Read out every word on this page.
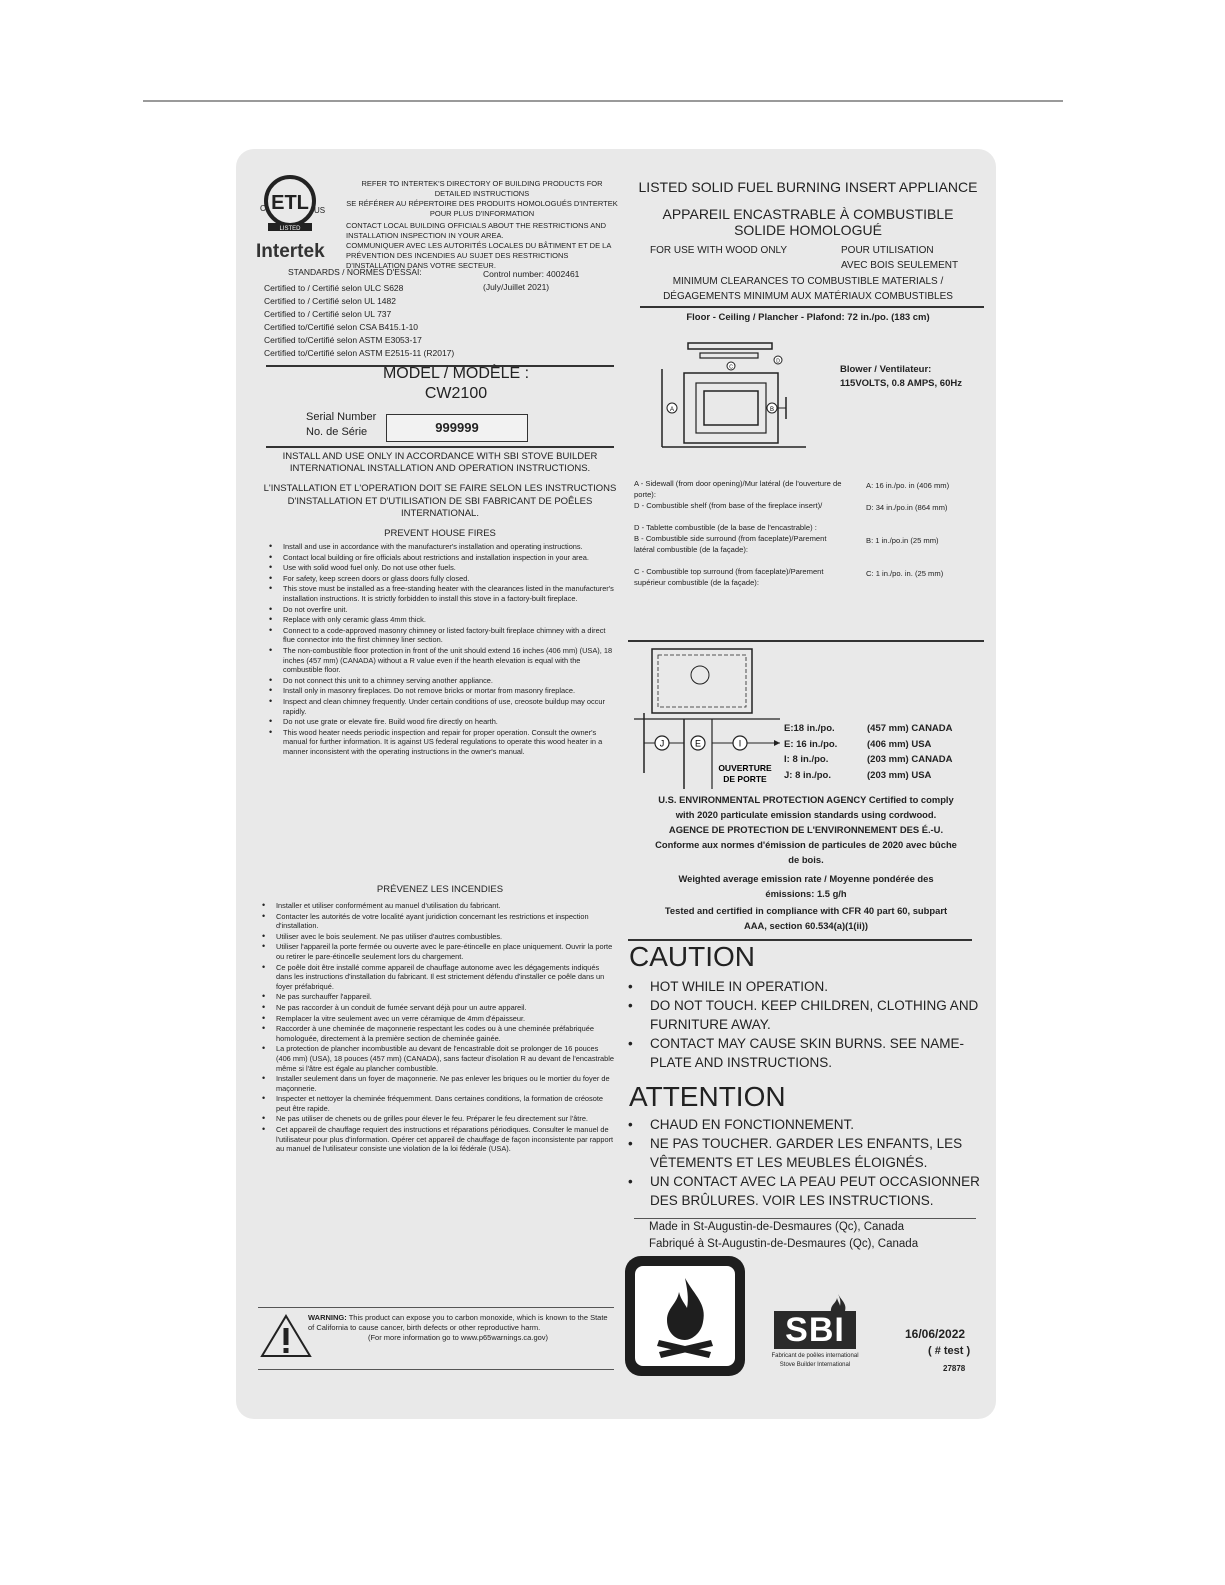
ETL
C	US
LISTED
Intertek
REFER TO INTERTEK'S DIRECTORY OF BUILDING PRODUCTS FOR DETAILED INSTRUCTIONS
SE RÉFÉRER AU RÉPERTOIRE DES PRODUITS HOMOLOGUÉS D'INTERTEK POUR PLUS D'INFORMATION
CONTACT LOCAL BUILDING OFFICIALS ABOUT THE RESTRICTIONS AND INSTALLATION INSPECTION IN YOUR AREA.
COMMUNIQUER AVEC LES AUTORITÉS LOCALES DU BÂTIMENT ET DE LA PRÉVENTION DES INCENDIES AU SUJET DES RESTRICTIONS D'INSTALLATION DANS VOTRE SECTEUR.
STANDARDS / NORMES D'ESSAI:	Control number: 4002461
(July/Juillet 2021)
Certified to / Certifié selon ULC S628
Certified to / Certifié selon UL 1482
Certified to / Certifié selon UL 737
Certified to/Certifié selon CSA B415.1-10
Certified to/Certifié selon ASTM E3053-17
Certified to/Certifié selon ASTM E2515-11 (R2017)
MODEL / MODÈLE :
CW2100
Serial Number
No. de Série	999999
INSTALL AND USE ONLY IN ACCORDANCE WITH SBI STOVE BUILDER INTERNATIONAL INSTALLATION AND OPERATION INSTRUCTIONS.
L'INSTALLATION ET L'OPERATION DOIT SE FAIRE SELON LES INSTRUCTIONS D'INSTALLATION ET D'UTILISATION DE SBI FABRICANT DE POÊLES INTERNATIONAL.
PREVENT HOUSE FIRES
• Install and use in accordance with the manufacturer's installation and operating instructions.
• Contact local building or fire officials about restrictions and installation inspection in your area.
• Use with solid wood fuel only. Do not use other fuels.
• For safety, keep screen doors or glass doors fully closed.
• This stove must be installed as a free-standing heater with the clearances listed in the manufacturer's installation instructions. It is strictly forbidden to install this stove in a factory-built fireplace.
• Do not overfire unit.
• Replace with only ceramic glass 4mm thick.
• Connect to a code-approved masonry chimney or listed factory-built fireplace chimney with a direct flue connector into the first chimney liner section.
• The non-combustible floor protection in front of the unit should extend 16 inches (406 mm) (USA), 18 inches (457 mm) (CANADA) without a R value even if the hearth elevation is equal with the combustible floor.
• Do not connect this unit to a chimney serving another appliance.
• Install only in masonry fireplaces. Do not remove bricks or mortar from masonry fireplace.
• Inspect and clean chimney frequently. Under certain conditions of use, creosote buildup may occur rapidly.
• Do not use grate or elevate fire. Build wood fire directly on hearth.
• This wood heater needs periodic inspection and repair for proper operation. Consult the owner's manual for further information. It is against US federal regulations to operate this wood heater in a manner inconsistent with the operating instructions in the owner's manual.
PRÉVENEZ LES INCENDIES
• Installer et utiliser conformément au manuel d'utilisation du fabricant.
• Contacter les autorités de votre localité ayant juridiction concernant les restrictions et inspection d'installation.
• Utiliser avec le bois seulement. Ne pas utiliser d'autres combustibles.
• Utiliser l'appareil la porte fermée ou ouverte avec le pare-étincelle en place uniquement. Ouvrir la porte ou retirer le pare-étincelle seulement lors du chargement.
• Ce poêle doit être installé comme appareil de chauffage autonome avec les dégagements indiqués dans les instructions d'installation du fabricant. Il est strictement défendu d'installer ce poêle dans un foyer préfabriqué.
• Ne pas surchauffer l'appareil.
• Ne pas raccorder à un conduit de fumée servant déjà pour un autre appareil.
• Remplacer la vitre seulement avec un verre céramique de 4mm d'épaisseur.
• Raccorder à une cheminée de maçonnerie respectant les codes ou à une cheminée préfabriquée homologuée, directement à la première section de cheminée gainée.
• La protection de plancher incombustible au devant de l'encastrable doit se prolonger de 16 pouces (406 mm) (USA), 18 pouces (457 mm) (CANADA), sans facteur d'isolation R au devant de l'encastrable même si l'âtre est égale au plancher combustible.
• Installer seulement dans un foyer de maçonnerie. Ne pas enlever les briques ou le mortier du foyer de maçonnerie.
• Inspecter et nettoyer la cheminée fréquemment. Dans certaines conditions, la formation de créosote peut être rapide.
• Ne pas utiliser de chenets ou de grilles pour élever le feu. Préparer le feu directement sur l'âtre.
• Cet appareil de chauffage requiert des instructions et réparations périodiques. Consulter le manuel de l'utilisateur pour plus d'information. Opérer cet appareil de chauffage de façon inconsistente par rapport au manuel de l'utilisateur consiste une violation de la loi fédérale (USA).
WARNING: This product can expose you to carbon monoxide, which is known to the State of California to cause cancer, birth defects or other reproductive harm.
(For more information go to www.p65warnings.ca.gov)
LISTED SOLID FUEL BURNING INSERT APPLIANCE
APPAREIL ENCASTRABLE À COMBUSTIBLE
SOLIDE HOMOLOGUÉ
FOR USE WITH WOOD ONLY	POUR UTILISATION
AVEC BOIS SEULEMENT
MINIMUM CLEARANCES TO COMBUSTIBLE MATERIALS /
DÉGAGEMENTS MINIMUM AUX MATÉRIAUX COMBUSTIBLES
Floor - Ceiling / Plancher - Plafond: 72 in./po. (183 cm)
A	B
C
D
Blower / Ventilateur:
115VOLTS, 0.8 AMPS, 60Hz
A - Sidewall (from door opening)/Mur latéral (de l'ouverture de porte):
A: 16 in./po. in (406 mm)
D - Combustible shelf (from base of the fireplace insert)/	D: 34 in./po.in (864 mm)
D - Tablette combustible (de la base de l'encastrable) :
B - Combustible side surround (from faceplate)/Parement latéral combustible (de la façade):
B: 1 in./po.in (25 mm)
C - Combustible top surround (from faceplate)/Parement supérieur combustible (de la façade):
C: 1 in./po. in. (25 mm)
J	E	I
OUVERTURE
DE PORTE
E:18 in./po.	(457 mm) CANADA
E: 16 in./po.	(406 mm) USA
I: 8 in./po.	(203 mm) CANADA
J: 8 in./po.	(203 mm) USA
U.S. ENVIRONMENTAL PROTECTION AGENCY Certified to comply
with 2020 particulate emission standards using cordwood.
AGENCE DE PROTECTION DE L'ENVIRONNEMENT DES É.-U.
Conforme aux normes d'émission de particules de 2020 avec bûche
de bois.
Weighted average emission rate / Moyenne pondérée des
émissions: 1.5 g/h
Tested and certified in compliance with CFR 40 part 60, subpart
AAA, section 60.534(a)(1(ii))
CAUTION
• HOT WHILE IN OPERATION.
• DO NOT TOUCH. KEEP CHILDREN, CLOTHING AND FURNITURE AWAY.
• CONTACT MAY CAUSE SKIN BURNS. SEE NAME-PLATE AND INSTRUCTIONS.
ATTENTION
• CHAUD EN FONCTIONNEMENT.
• NE PAS TOUCHER. GARDER LES ENFANTS, LES VÊTEMENTS ET LES MEUBLES ÉLOIGNÉS.
• UN CONTACT AVEC LA PEAU PEUT OCCASIONNER DES BRÛLURES. VOIR LES INSTRUCTIONS.
Made in St-Augustin-de-Desmaures (Qc), Canada
Fabriqué à St-Augustin-de-Desmaures (Qc), Canada
SBI
Fabricant de poêles international
Stove Builder International
16/06/2022
( # test )
27878
